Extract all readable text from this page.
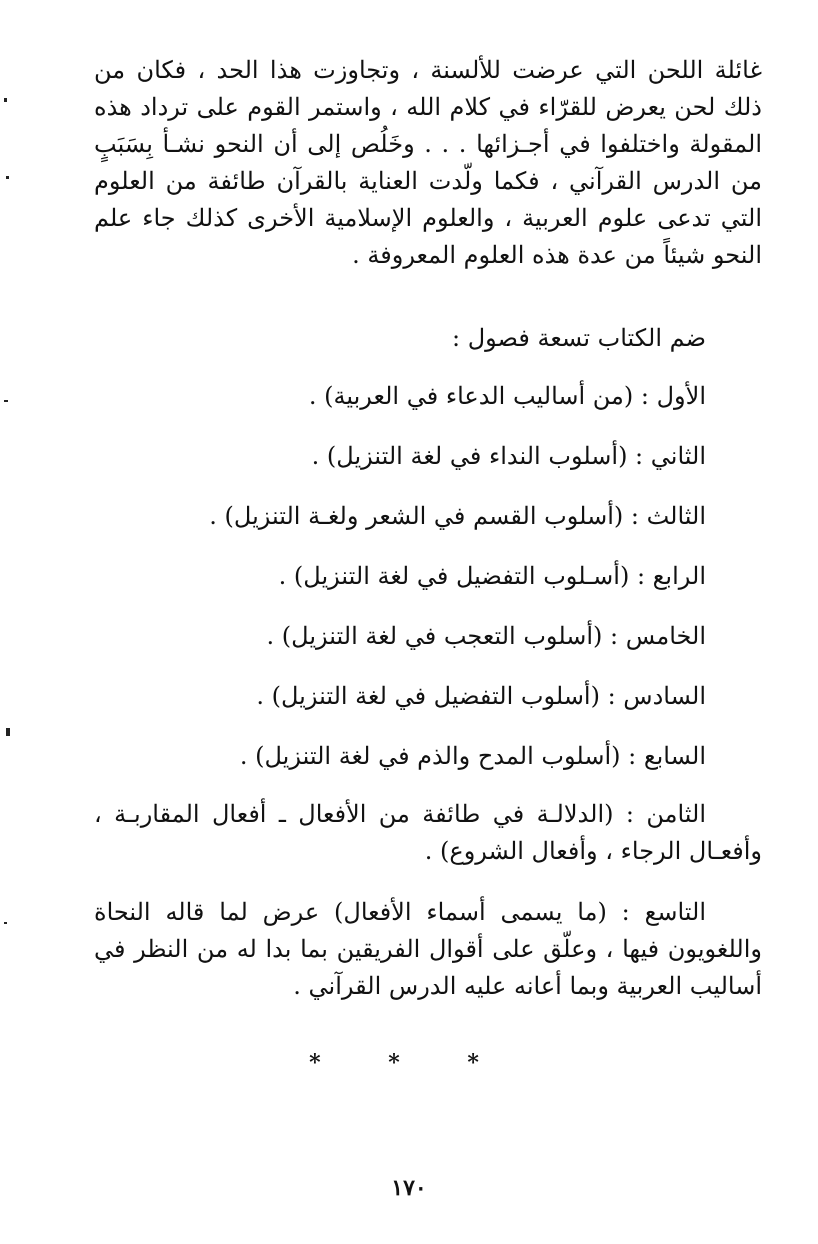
غائلة اللحن التي عرضت للألسنة ، وتجاوزت هذا الحد ، فكان من ذلك لحن يعرض للقرّاء في كلام الله ، واستمر القوم على ترداد هذه المقولة واختلفوا في أجـزائها . . . وخَلُص إلى أن النحو نشـأ بِسَبَبٍ من الدرس القرآني ، فكما ولّدت العناية بالقرآن طائفة من العلوم التي تدعى علوم العربية ، والعلوم الإسلامية الأخرى كذلك جاء علم النحو شيئاً من عدة هذه العلوم المعروفة .
ضم الكتاب تسعة فصول :
الأول : (من أساليب الدعاء في العربية) .
الثاني : (أسلوب النداء في لغة التنزيل) .
الثالث : (أسلوب القسم في الشعر ولغـة التنزيل) .
الرابع : (أسـلوب التفضيل في لغة التنزيل) .
الخامس : (أسلوب التعجب في لغة التنزيل) .
السادس : (أسلوب التفضيل في لغة التنزيل) .
السابع : (أسلوب المدح والذم في لغة التنزيل) .
الثامن : (الدلالـة في طائفة من الأفعال ـ أفعال المقاربـة ، وأفعـال الرجاء ، وأفعال الشروع) .
التاسع : (ما يسمى أسماء الأفعال) عرض لما قاله النحاة واللغويون فيها ، وعلّق على أقوال الفريقين بما بدا له من النظر في أساليب العربية وبما أعانه عليه الدرس القرآني .
* * *
١٧٠
